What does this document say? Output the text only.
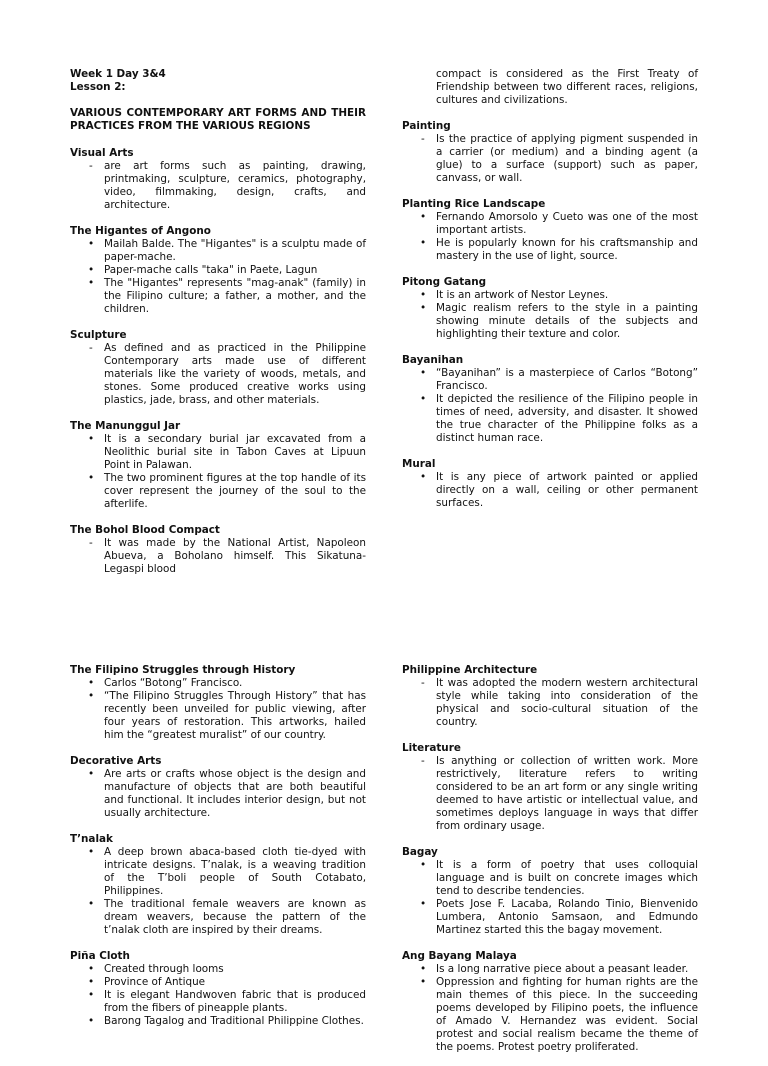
Week 1 Day 3&4

Lesson 2:

VARIOUS CONTEMPORARY ART FORMS AND THEIR PRACTICES FROM THE VARIOUS REGIONS

Visual Arts
- are art forms such as painting, drawing, printmaking, sculpture, ceramics, photography, video, filmmaking, design, crafts, and architecture.
The Higantes of Angono
• Mailah Balde. The "Higantes" is a sculptu made of paper-mache.
• Paper-mache calls "taka" in Paete, Lagun
• The "Higantes" represents "mag-anak" (family) in the Filipino culture; a father, a mother, and the children.
Sculpture
- As defined and as practiced in the Philippine Contemporary arts made use of different materials like the variety of woods, metals, and stones. Some produced creative works using plastics, jade, brass, and other materials.
The Manunggul Jar
• It is a secondary burial jar excavated from a Neolithic burial site in Tabon Caves at Lipuun Point in Palawan.
• The two prominent figures at the top handle of its cover represent the journey of the soul to the afterlife.
The Bohol Blood Compact
- It was made by the National Artist, Napoleon Abueva, a Boholano himself. This Sikatuna- Legaspi blood

compact is considered as the First Treaty of Friendship between two different races, religions, cultures and civilizations.

Painting
- Is the practice of applying pigment suspended in a carrier (or medium) and a binding agent (a glue) to a surface (support) such as paper, canvass, or wall.
Planting Rice Landscape
• Fernando Amorsolo y Cueto was one of the most important artists.
• He is popularly known for his craftsmanship and mastery in the use of light, source.
Pitong Gatang
• It is an artwork of Nestor Leynes.
• Magic realism refers to the style in a painting showing minute details of the subjects and highlighting their texture and color.
Bayanihan
• “Bayanihan” is a masterpiece of Carlos “Botong” Francisco.
• It depicted the resilience of the Filipino people in times of need, adversity, and disaster. It showed the true character of the Philippine folks as a distinct human race.
Mural
• It is any piece of artwork painted or applied directly on a wall, ceiling or other permanent surfaces.
The Filipino Struggles through History
• Carlos “Botong” Francisco.
• “The Filipino Struggles Through History” that has recently been unveiled for public viewing, after four years of restoration. This artworks, hailed him the “greatest muralist” of our country.
Decorative Arts
• Are arts or crafts whose object is the design and manufacture of objects that are both beautiful and functional. It includes interior design, but not usually architecture.
T’nalak
• A deep brown abaca-based cloth tie-dyed with intricate designs. T’nalak, is a weaving tradition of the T’boli people of South Cotabato, Philippines.
• The traditional female weavers are known as dream weavers, because the pattern of the t’nalak cloth are inspired by their dreams.
Piña Cloth
• Created through looms
• Province of Antique
• It is elegant Handwoven fabric that is produced from the fibers of pineapple plants.
• Barong Tagalog and Traditional Philippine Clothes.
Philippine Architecture
- It was adopted the modern western architectural style while taking into consideration of the physical and socio-cultural situation of the country.
Literature
- Is anything or collection of written work. More restrictively, literature refers to writing considered to be an art form or any single writing deemed to have artistic or intellectual value, and sometimes deploys language in ways that differ from ordinary usage.
Bagay
• It is a form of poetry that uses colloquial language and is built on concrete images which tend to describe tendencies.
• Poets Jose F. Lacaba, Rolando Tinio, Bienvenido Lumbera, Antonio Samsaon, and Edmundo Martinez started this the bagay movement.
Ang Bayang Malaya
• Is a long narrative piece about a peasant leader.
• Oppression and fighting for human rights are the main themes of this piece. In the succeeding poems developed by Filipino poets, the influence of Amado V. Hernandez was evident. Social protest and social realism became the theme of the poems. Protest poetry proliferated.
